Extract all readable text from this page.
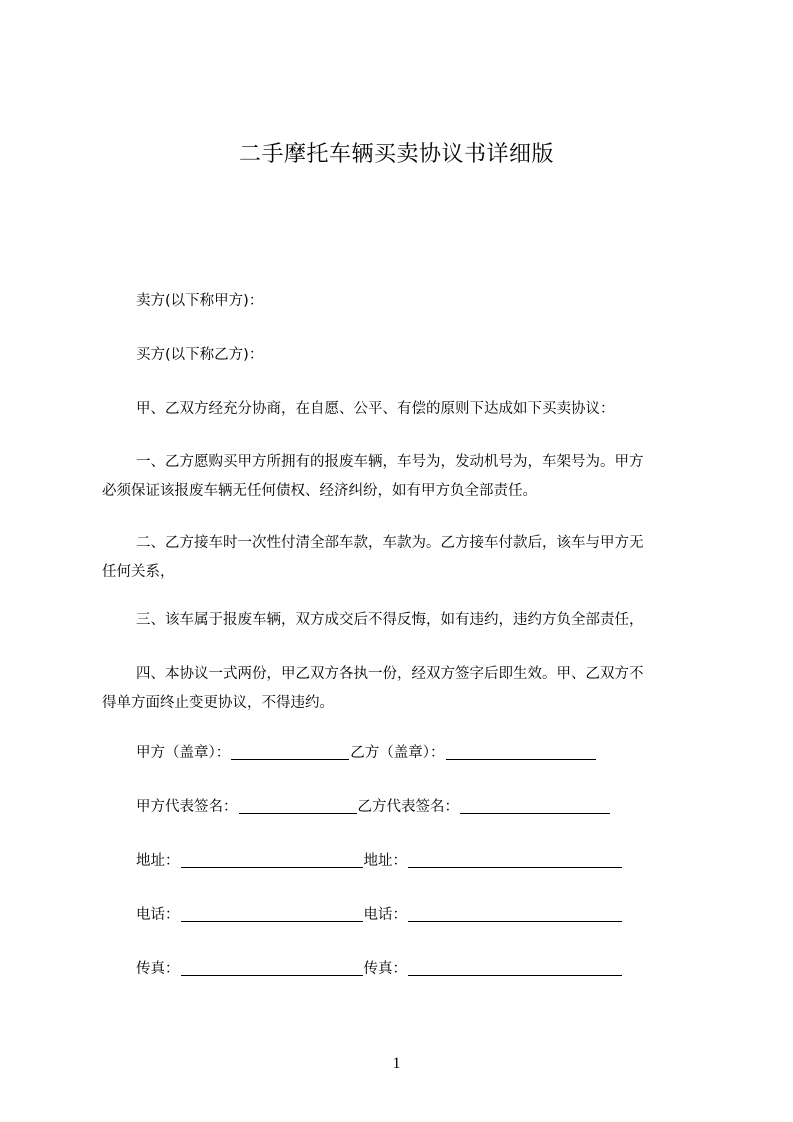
二手摩托车辆买卖协议书详细版

卖方(以下称甲方)：

买方(以下称乙方)：

甲、乙双方经充分协商，在自愿、公平、有偿的原则下达成如下买卖协议：

一、乙方愿购买甲方所拥有的报废车辆，车号为，发动机号为，车架号为。甲方
必须保证该报废车辆无任何债权、经济纠纷，如有甲方负全部责任。

二、乙方接车时一次性付清全部车款，车款为。乙方接车付款后，该车与甲方无
任何关系，

三、该车属于报废车辆，双方成交后不得反悔，如有违约，违约方负全部责任，

四、本协议一式两份，甲乙双方各执一份，经双方签字后即生效。甲、乙双方不
得单方面终止变更协议，不得违约。

甲方（盖章）：	乙方（盖章）：
甲方代表签名：	乙方代表签名：
地址：	地址：
电话：	电话：
传真：	传真：
1
